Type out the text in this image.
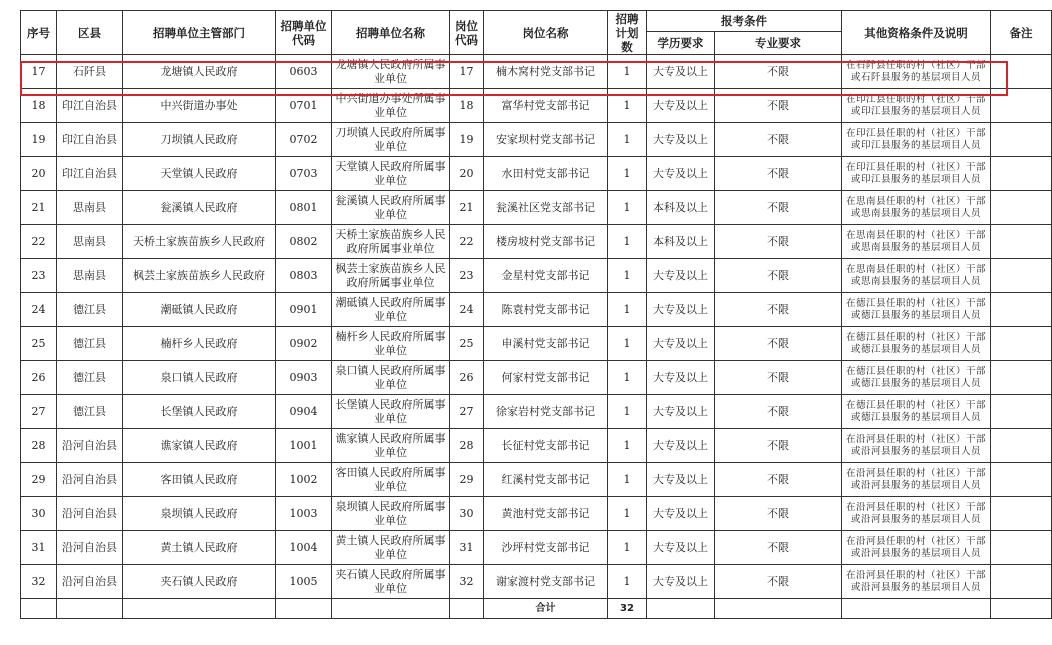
序号	区县	招聘单位主管部门	招聘单位代码	招聘单位名称	岗位代码	岗位名称	招聘计划数	报考条件		其他资格条件及说明	备注
								学历要求	专业要求		
17	石阡县	龙塘镇人民政府	0603	龙塘镇人民政府所属事业单位	17	楠木窝村党支部书记	1	大专及以上	不限	在石阡县任职的村（社区）干部或石阡县服务的基层项目人员	
18	印江自治县	中兴街道办事处	0701	中兴街道办事处所属事业单位	18	富华村党支部书记	1	大专及以上	不限	在印江县任职的村（社区）干部或印江县服务的基层项目人员	
19	印江自治县	刀坝镇人民政府	0702	刀坝镇人民政府所属事业单位	19	安家坝村党支部书记	1	大专及以上	不限	在印江县任职的村（社区）干部或印江县服务的基层项目人员	
20	印江自治县	天堂镇人民政府	0703	天堂镇人民政府所属事业单位	20	水田村党支部书记	1	大专及以上	不限	在印江县任职的村（社区）干部或印江县服务的基层项目人员	
21	思南县	瓮溪镇人民政府	0801	瓮溪镇人民政府所属事业单位	21	瓮溪社区党支部书记	1	本科及以上	不限	在思南县任职的村（社区）干部或思南县服务的基层项目人员	
22	思南县	天桥土家族苗族乡人民政府	0802	天桥土家族苗族乡人民政府所属事业单位	22	楼房坡村党支部书记	1	本科及以上	不限	在思南县任职的村（社区）干部或思南县服务的基层项目人员	
23	思南县	枫芸土家族苗族乡人民政府	0803	枫芸土家族苗族乡人民政府所属事业单位	23	金星村党支部书记	1	大专及以上	不限	在思南县任职的村（社区）干部或思南县服务的基层项目人员	
24	德江县	潮砥镇人民政府	0901	潮砥镇人民政府所属事业单位	24	陈袁村党支部书记	1	大专及以上	不限	在德江县任职的村（社区）干部或德江县服务的基层项目人员	
25	德江县	楠杆乡人民政府	0902	楠杆乡人民政府所属事业单位	25	申溪村党支部书记	1	大专及以上	不限	在德江县任职的村（社区）干部或德江县服务的基层项目人员	
26	德江县	泉口镇人民政府	0903	泉口镇人民政府所属事业单位	26	何家村党支部书记	1	大专及以上	不限	在德江县任职的村（社区）干部或德江县服务的基层项目人员	
27	德江县	长堡镇人民政府	0904	长堡镇人民政府所属事业单位	27	徐家岩村党支部书记	1	大专及以上	不限	在德江县任职的村（社区）干部或德江县服务的基层项目人员	
28	沿河自治县	谯家镇人民政府	1001	谯家镇人民政府所属事业单位	28	长征村党支部书记	1	大专及以上	不限	在沿河县任职的村（社区）干部或沿河县服务的基层项目人员	
29	沿河自治县	客田镇人民政府	1002	客田镇人民政府所属事业单位	29	红溪村党支部书记	1	大专及以上	不限	在沿河县任职的村（社区）干部或沿河县服务的基层项目人员	
30	沿河自治县	泉坝镇人民政府	1003	泉坝镇人民政府所属事业单位	30	黄池村党支部书记	1	大专及以上	不限	在沿河县任职的村（社区）干部或沿河县服务的基层项目人员	
31	沿河自治县	黄土镇人民政府	1004	黄土镇人民政府所属事业单位	31	沙坪村党支部书记	1	大专及以上	不限	在沿河县任职的村（社区）干部或沿河县服务的基层项目人员	
32	沿河自治县	夹石镇人民政府	1005	夹石镇人民政府所属事业单位	32	谢家渡村党支部书记	1	大专及以上	不限	在沿河县任职的村（社区）干部或沿河县服务的基层项目人员	
						合计	32				
